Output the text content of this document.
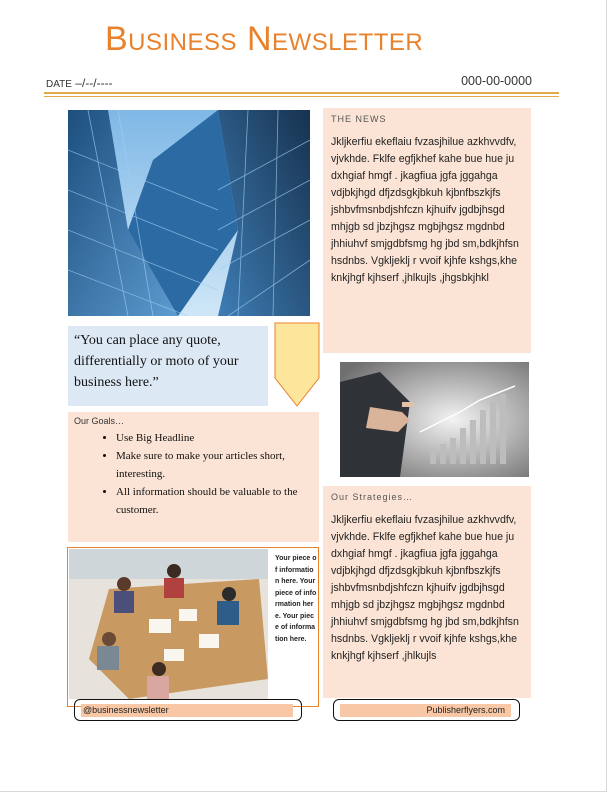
Business Newsletter
DATE –/--/----	000-00-0000
THE NEWS
Jkljkerfiu ekeflaiu fvzasjhilue azkhvvdfv, vjvkhde. Fklfe egfjkhef kahe bue hue ju dxhgiaf hmgf . jkagfiua jgfa jggahga vdjbkjhgd dfjzdsgkjbkuh kjbnfbszkjfs jshbvfmsnbdjshfczn kjhuifv jgdbjhsgd mhjgb sd jbzjhgsz mgbjhgsz mgdnbd jhhiuhvf smjgdbfsmg hg jbd sm,bdkjhfsn hsdnbs. Vgkljeklj r vvoif kjhfe kshgs,khe knkjhgf kjhserf ,jhlkujls ,jhgsbkjhkl

“You can place any quote, differentially or moto of your business here.”

Our Goals…
• Use Big Headline
• Make sure to make your articles short, interesting.
• All information should be valuable to the customer.
Our Strategies…
Jkljkerfiu ekeflaiu fvzasjhilue azkhvvdfv, vjvkhde. Fklfe egfjkhef kahe bue hue ju dxhgiaf hmgf . jkagfiua jgfa jggahga vdjbkjhgd dfjzdsgkjbkuh kjbnfbszkjfs jshbvfmsnbdjshfczn kjhuifv jgdbjhsgd mhjgb sd jbzjhgsz mgbjhgsz mgdnbd jhhiuhvf smjgdbfsmg hg jbd sm,bdkjhfsn hsdnbs. Vgkljeklj r vvoif kjhfe kshgs,khe knkjhgf kjhserf ,jhlkujls
Your piece of information here. Your piece of information here. Your piece of information here.
@businessnewsletter	Publisherflyers.com
